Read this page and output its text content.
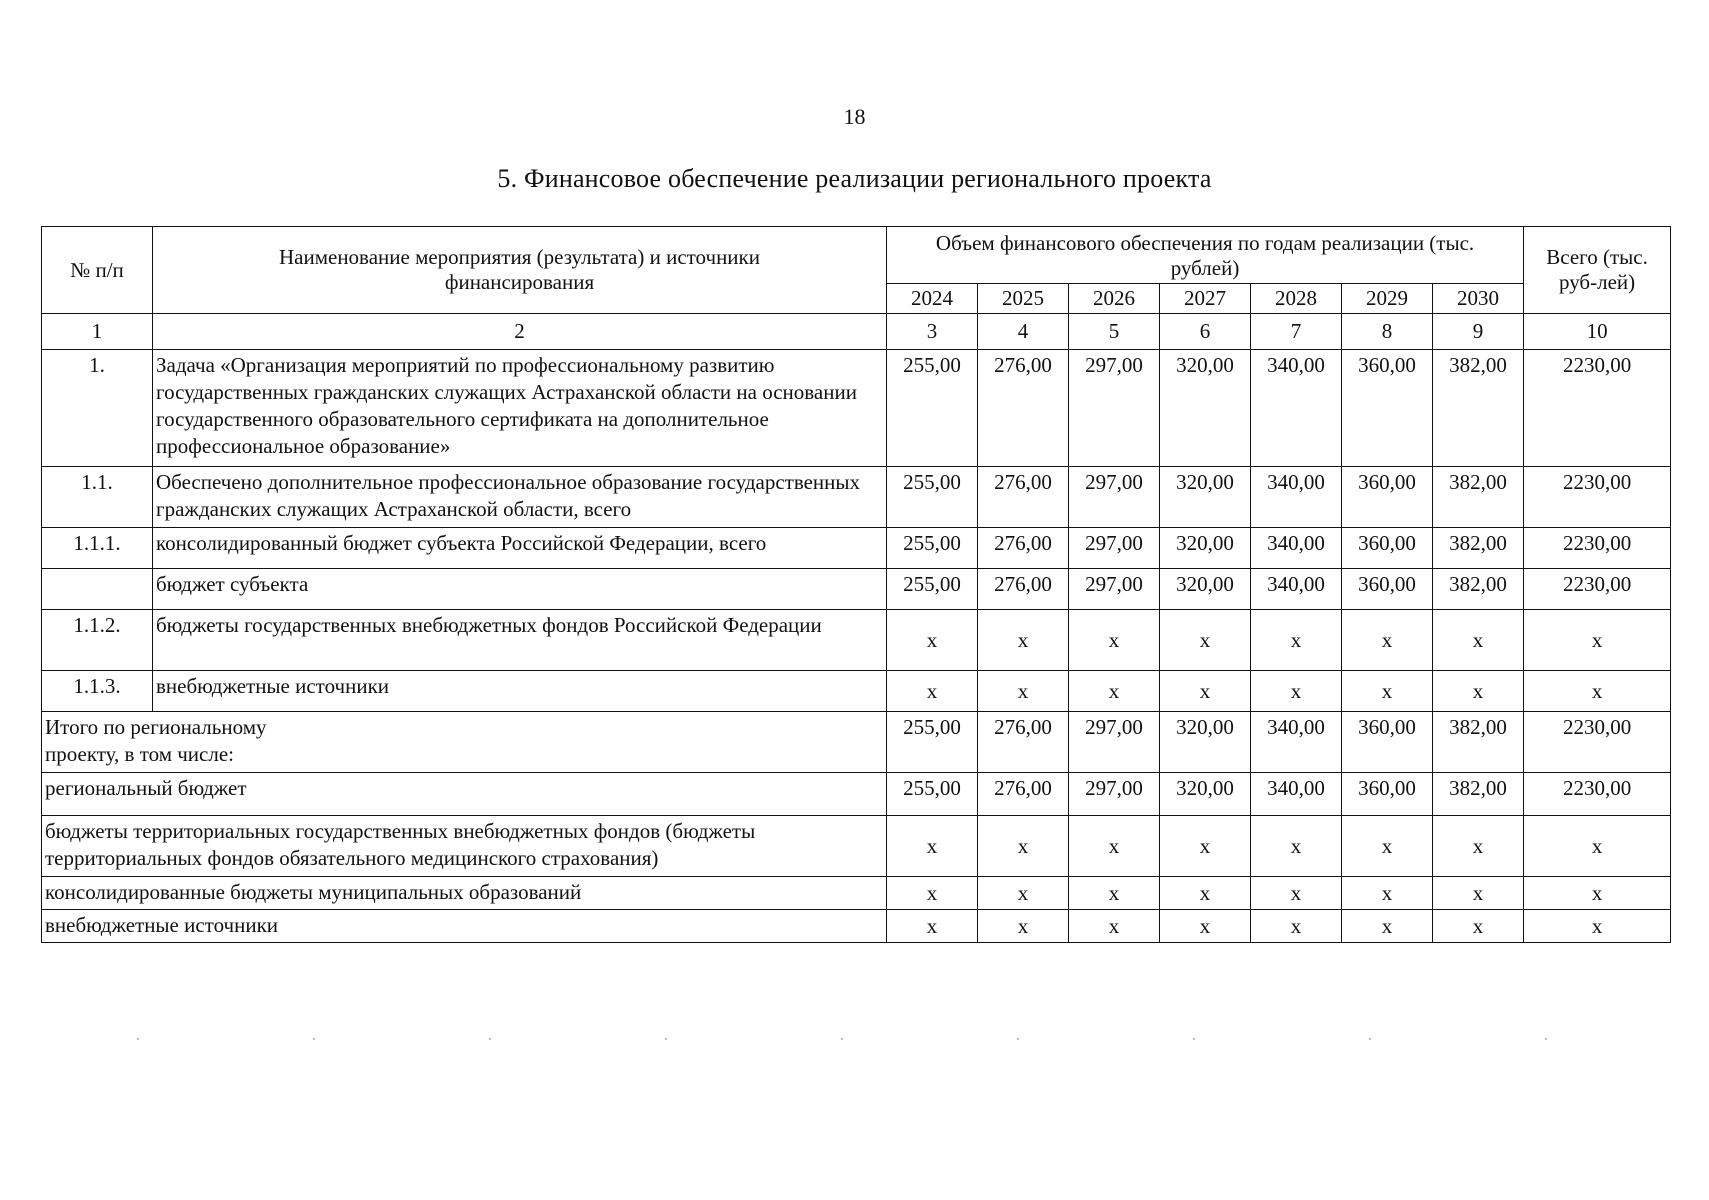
18
5. Финансовое обеспечение реализации регионального проекта
№ п/п	Наименование мероприятия (результата) и источники финансирования	Объем финансового обеспечения по годам реализации (тыс. рублей)							Всего (тыс. руб-лей)
		2024	2025	2026	2027	2028	2029	2030	
1	2	3	4	5	6	7	8	9	10
1.	Задача «Организация мероприятий по профессиональному развитию государственных гражданских служащих Астраханской области на основании государственного образовательного сертификата на дополнительное профессиональное образование»	255,00	276,00	297,00	320,00	340,00	360,00	382,00	2230,00
1.1.	Обеспечено дополнительное профессиональное образование государственных гражданских служащих Астраханской области, всего	255,00	276,00	297,00	320,00	340,00	360,00	382,00	2230,00
1.1.1.	консолидированный бюджет субъекта Российской Федерации, всего	255,00	276,00	297,00	320,00	340,00	360,00	382,00	2230,00
	бюджет субъекта	255,00	276,00	297,00	320,00	340,00	360,00	382,00	2230,00
1.1.2.	бюджеты государственных внебюджетных фондов Российской Федерации	x	x	x	x	x	x	x	x
1.1.3.	внебюджетные источники	x	x	x	x	x	x	x	x
Итого по региональному проекту, в том числе:		255,00	276,00	297,00	320,00	340,00	360,00	382,00	2230,00
региональный бюджет		255,00	276,00	297,00	320,00	340,00	360,00	382,00	2230,00
бюджеты территориальных государственных внебюджетных фондов (бюджеты территориальных фондов обязательного медицинского страхования)		x	x	x	x	x	x	x	x
консолидированные бюджеты муниципальных образований		x	x	x	x	x	x	x	x
внебюджетные источники		x	x	x	x	x	x	x	x
